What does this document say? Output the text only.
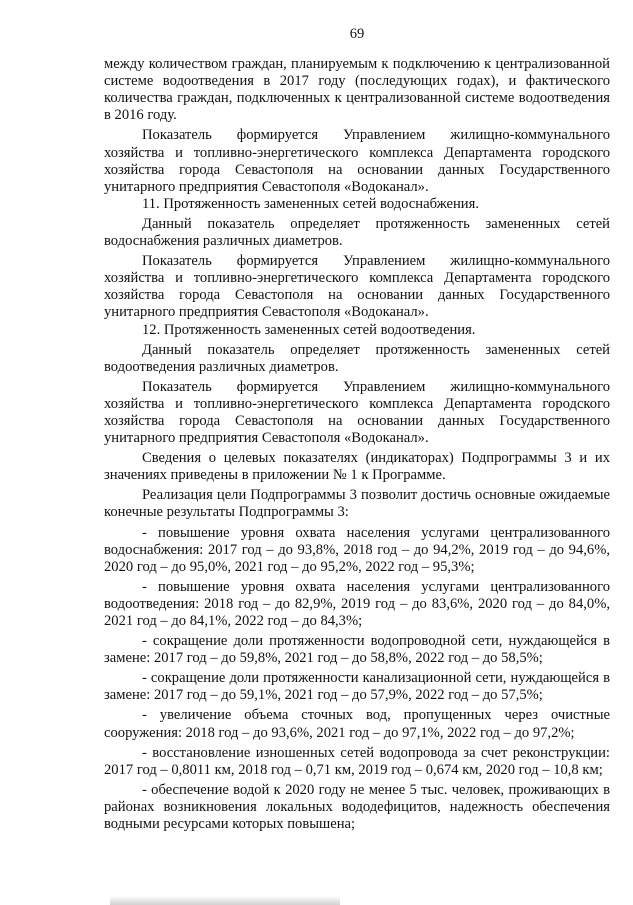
69

между количеством граждан, планируемым к подключению к централизованной системе водоотведения в 2017 году (последующих годах), и фактического количества граждан, подключенных к централизованной системе водоотведения в 2016 году.

Показатель формируется Управлением жилищно-коммунального хозяйства и топливно-энергетического комплекса Департамента городского хозяйства города Севастополя на основании данных Государственного унитарного предприятия Севастополя «Водоканал».

11. Протяженность замененных сетей водоснабжения.

Данный показатель определяет протяженность замененных сетей водоснабжения различных диаметров.

Показатель формируется Управлением жилищно-коммунального хозяйства и топливно-энергетического комплекса Департамента городского хозяйства города Севастополя на основании данных Государственного унитарного предприятия Севастополя «Водоканал».

12. Протяженность замененных сетей водоотведения.

Данный показатель определяет протяженность замененных сетей водоотведения различных диаметров.

Показатель формируется Управлением жилищно-коммунального хозяйства и топливно-энергетического комплекса Департамента городского хозяйства города Севастополя на основании данных Государственного унитарного предприятия Севастополя «Водоканал».

Сведения о целевых показателях (индикаторах) Подпрограммы 3 и их значениях приведены в приложении № 1 к Программе.

Реализация цели Подпрограммы 3 позволит достичь основные ожидаемые конечные результаты Подпрограммы 3:

- повышение уровня охвата населения услугами централизованного водоснабжения: 2017 год – до 93,8%, 2018 год – до 94,2%, 2019 год – до 94,6%, 2020 год – до 95,0%, 2021 год – до 95,2%, 2022 год – 95,3%;

- повышение уровня охвата населения услугами централизованного водоотведения: 2018 год – до 82,9%, 2019 год – до 83,6%, 2020 год – до 84,0%, 2021 год – до 84,1%, 2022 год – до 84,3%;

- сокращение доли протяженности водопроводной сети, нуждающейся в замене: 2017 год – до 59,8%, 2021 год – до 58,8%, 2022 год – до 58,5%;

- сокращение доли протяженности канализационной сети, нуждающейся в замене: 2017 год – до 59,1%, 2021 год – до 57,9%, 2022 год – до 57,5%;

- увеличение объема сточных вод, пропущенных через очистные сооружения: 2018 год – до 93,6%, 2021 год – до 97,1%, 2022 год – до 97,2%;

- восстановление изношенных сетей водопровода за счет реконструкции: 2017 год – 0,8011 км, 2018 год – 0,71 км, 2019 год – 0,674 км, 2020 год – 10,8 км;

- обеспечение водой к 2020 году не менее 5 тыс. человек, проживающих в районах возникновения локальных вододефицитов, надежность обеспечения водными ресурсами которых повышена;
